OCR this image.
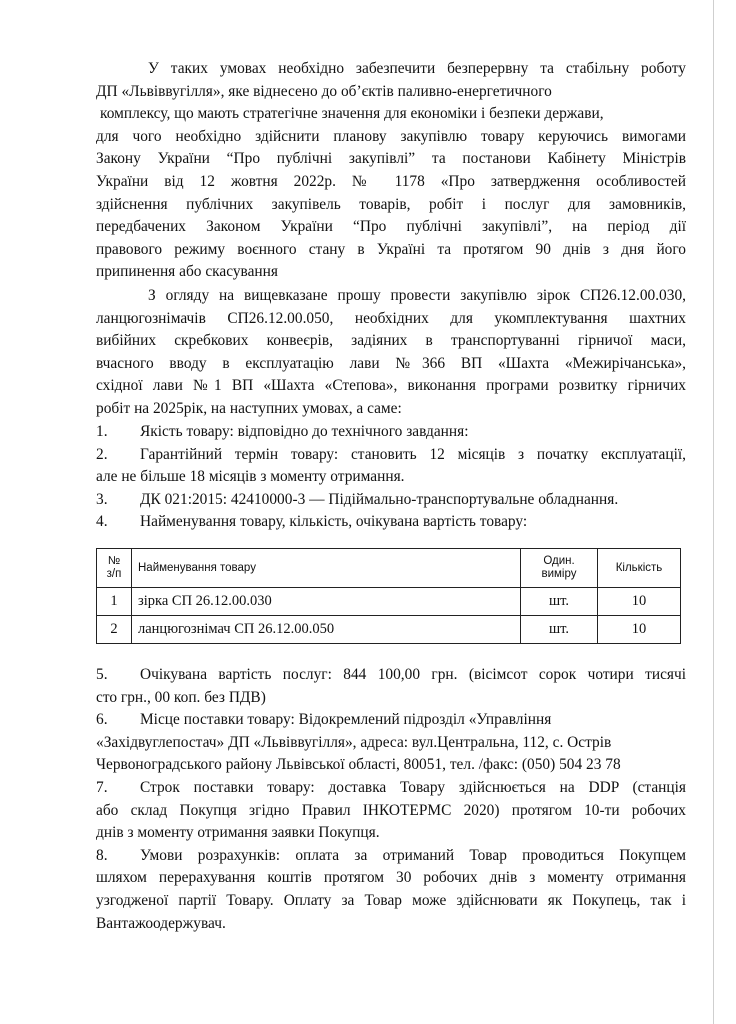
У таких умовах необхідно забезпечити безперервну та стабільну роботу
ДП «Львіввугілля», яке віднесено до об’єктів паливно-енергетичного
комплексу, що мають стратегічне значення для економіки і безпеки держави,
для чого необхідно здійснити планову закупівлю товару керуючись вимогами
Закону України “Про публічні закупівлі” та постанови Кабінету Міністрів
України від 12 жовтня 2022р. № 1178 «Про затвердження особливостей
здійснення публічних закупівель товарів, робіт і послуг для замовників,
передбачених Законом України “Про публічні закупівлі”, на період дії
правового режиму воєнного стану в Україні та протягом 90 днів з дня його
припинення або скасування
З огляду на вищевказане прошу провести закупівлю зірок СП26.12.00.030,
ланцюгознімачів СП26.12.00.050, необхідних для укомплектування шахтних
вибійних скребкових конвеєрів, задіяних в транспортуванні гірничої маси,
вчасного вводу в експлуатацію лави №366 ВП «Шахта «Межирічанська»,
східної лави №1 ВП «Шахта «Степова», виконання програми розвитку гірничих
робіт на 2025рік, на наступних умовах, а саме:
1. Якість товару: відповідно до технічного завдання:
2. Гарантійний термін товару: становить 12 місяців з початку експлуатації,
але не більше 18 місяців з моменту отримання.
3. ДК 021:2015: 42410000-3 — Підіймально-транспортувальне обладнання.
4. Найменування товару, кількість, очікувана вартість товару:
№ з/п	Найменування товару	Один. виміру	Кількість
1	зірка СП 26.12.00.030	шт.	10
2	ланцюгознімач СП 26.12.00.050	шт.	10
5. Очікувана вартість послуг: 844 100,00 грн. (вісімсот сорок чотири тисячі
сто грн., 00 коп. без ПДВ)
6. Місце поставки товару: Відокремлений підрозділ «Управління
«Західвуглепостач» ДП «Львіввугілля», адреса: вул.Центральна, 112, с. Острів
Червоноградського району Львівської області, 80051, тел. /факс: (050) 504 23 78
7. Строк поставки товару: доставка Товару здійснюється на DDP (станція
або склад Покупця згідно Правил ІНКОТЕРМС 2020) протягом 10-ти робочих
днів з моменту отримання заявки Покупця.
8. Умови розрахунків: оплата за отриманий Товар проводиться Покупцем
шляхом перерахування коштів протягом 30 робочих днів з моменту отримання
узгодженої партії Товару. Оплату за Товар може здійснювати як Покупець, так і
Вантажоодержувач.
